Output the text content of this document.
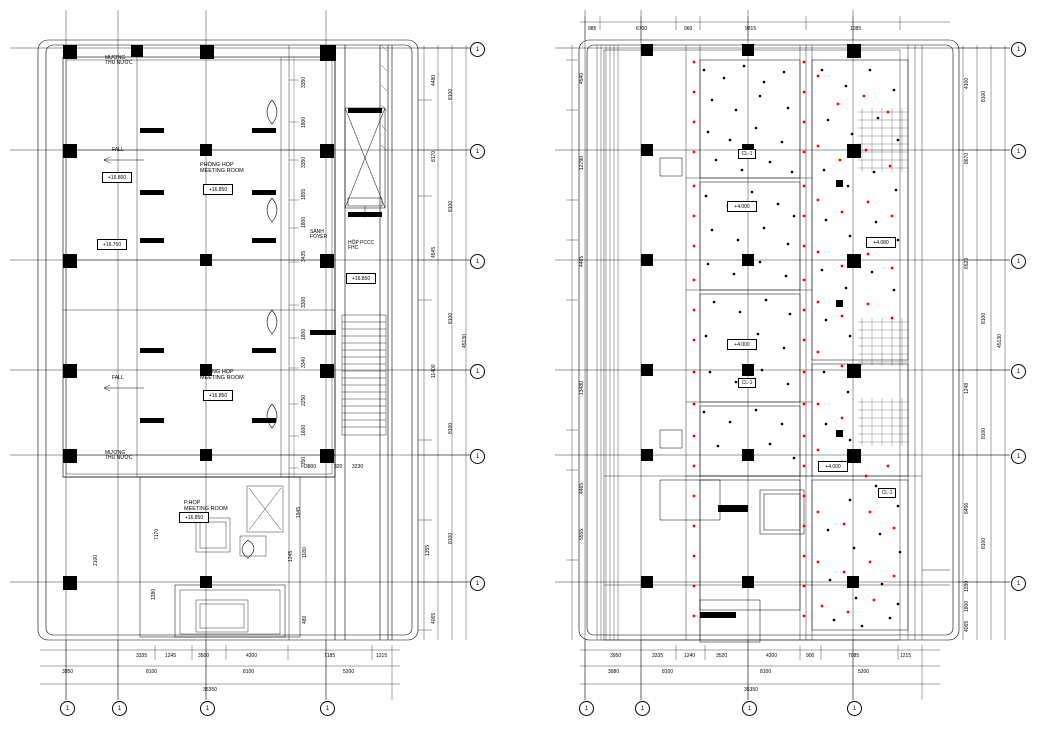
MƯƠNG
THU NƯỚC
FALL
FALL
MƯƠNG
THU NƯỚC
PHÒNG HỌP
MEETING ROOM
PHÒNG HỌP
MEETING ROOM
P.HỌP
MEETING ROOM
SẢNH
FOYER
HỘP PCCC
FHC
+16.800
+16.850
+16.750
+16.850
+16.850
+16.850
3350
1800
3350
1855
1800
3435
3300
1800
3340
2250
1600
3350
7170
2100
1355
4480
8100
8170
8100
4545
8100
45130
11400
8100
8100
4065
3335	1245	3500	4300	7185	1215
3950	8100	8100	5200
35350
3800	320 3230
1945
1180
1245
480
1280
1	1	1	1
1
1
1
1
1
1
+4.000
+4.000
+4.000
+4.080
CL-1
CL-1
CL-1
985	6700	960	9815	1085
3950	3335	1240	3520	4300	900	7085	1215
3980	8100	8100	5200
35350
4540
12790
4465
13480
4465
5555
4100
8100
8670
6520
8100
45130
1248
8100
6456
8100
1280
1800
4065
1	1	1	1
1
1
1
1
1
1
